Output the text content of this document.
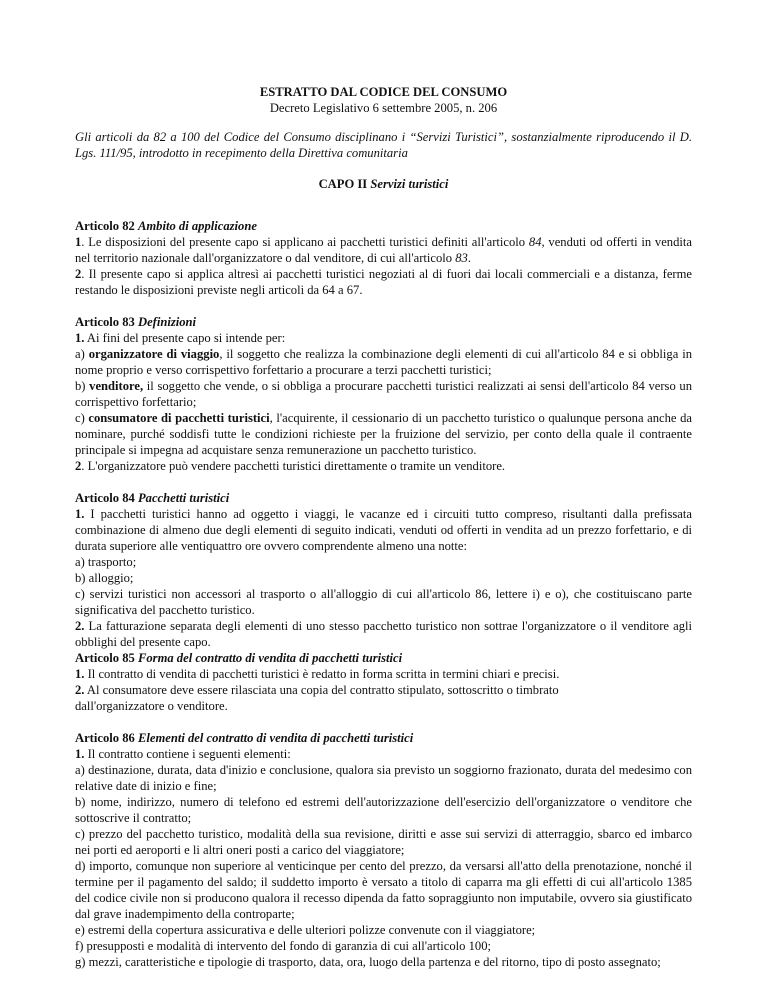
ESTRATTO DAL CODICE DEL CONSUMO
Decreto Legislativo 6 settembre 2005, n. 206

Gli articoli da 82 a 100 del Codice del Consumo disciplinano i “Servizi Turistici”, sostanzialmente riproducendo il D. Lgs. 111/95, introdotto in recepimento della Direttiva comunitaria

CAPO II Servizi turistici
Articolo 82 Ambito di applicazione

1. Le disposizioni del presente capo si applicano ai pacchetti turistici definiti all'articolo 84, venduti od offerti in vendita nel territorio nazionale dall'organizzatore o dal venditore, di cui all'articolo 83.

2. Il presente capo si applica altresì ai pacchetti turistici negoziati al di fuori dai locali commerciali e a distanza, ferme restando le disposizioni previste negli articoli da 64 a 67.

Articolo 83 Definizioni

1. Ai fini del presente capo si intende per:

a) organizzatore di viaggio, il soggetto che realizza la combinazione degli elementi di cui all'articolo 84 e si obbliga in nome proprio e verso corrispettivo forfettario a procurare a terzi pacchetti turistici;

b) venditore, il soggetto che vende, o si obbliga a procurare pacchetti turistici realizzati ai sensi dell'articolo 84 verso un corrispettivo forfettario;

c) consumatore di pacchetti turistici, l'acquirente, il cessionario di un pacchetto turistico o qualunque persona anche da nominare, purché soddisfi tutte le condizioni richieste per la fruizione del servizio, per conto della quale il contraente principale si impegna ad acquistare senza remunerazione un pacchetto turistico.

2. L'organizzatore può vendere pacchetti turistici direttamente o tramite un venditore.

Articolo 84 Pacchetti turistici

1. I pacchetti turistici hanno ad oggetto i viaggi, le vacanze ed i circuiti tutto compreso, risultanti dalla prefissata combinazione di almeno due degli elementi di seguito indicati, venduti od offerti in vendita ad un prezzo forfettario, e di durata superiore alle ventiquattro ore ovvero comprendente almeno una notte:

a) trasporto;

b) alloggio;

c) servizi turistici non accessori al trasporto o all'alloggio di cui all'articolo 86, lettere i) e o), che costituiscano parte significativa del pacchetto turistico.

2. La fatturazione separata degli elementi di uno stesso pacchetto turistico non sottrae l'organizzatore o il venditore agli obblighi del presente capo.

Articolo 85 Forma del contratto di vendita di pacchetti turistici

1. Il contratto di vendita di pacchetti turistici è redatto in forma scritta in termini chiari e precisi.

2. Al consumatore deve essere rilasciata una copia del contratto stipulato, sottoscritto o timbrato
dall'organizzatore o venditore.

Articolo 86 Elementi del contratto di vendita di pacchetti turistici

1. Il contratto contiene i seguenti elementi:

a) destinazione, durata, data d'inizio e conclusione, qualora sia previsto un soggiorno frazionato, durata del medesimo con relative date di inizio e fine;

b) nome, indirizzo, numero di telefono ed estremi dell'autorizzazione dell'esercizio dell'organizzatore o venditore che sottoscrive il contratto;

c) prezzo del pacchetto turistico, modalità della sua revisione, diritti e asse sui servizi di atterraggio, sbarco ed imbarco nei porti ed aeroporti e li altri oneri posti a carico del viaggiatore;

d) importo, comunque non superiore al venticinque per cento del prezzo, da versarsi all'atto della prenotazione, nonché il termine per il pagamento del saldo; il suddetto importo è versato a titolo di caparra ma gli effetti di cui all'articolo 1385 del codice civile non si producono qualora il recesso dipenda da fatto sopraggiunto non imputabile, ovvero sia giustificato dal grave inadempimento della controparte;

e) estremi della copertura assicurativa e delle ulteriori polizze convenute con il viaggiatore;

f) presupposti e modalità di intervento del fondo di garanzia di cui all'articolo 100;

g) mezzi, caratteristiche e tipologie di trasporto, data, ora, luogo della partenza e del ritorno, tipo di posto assegnato;
